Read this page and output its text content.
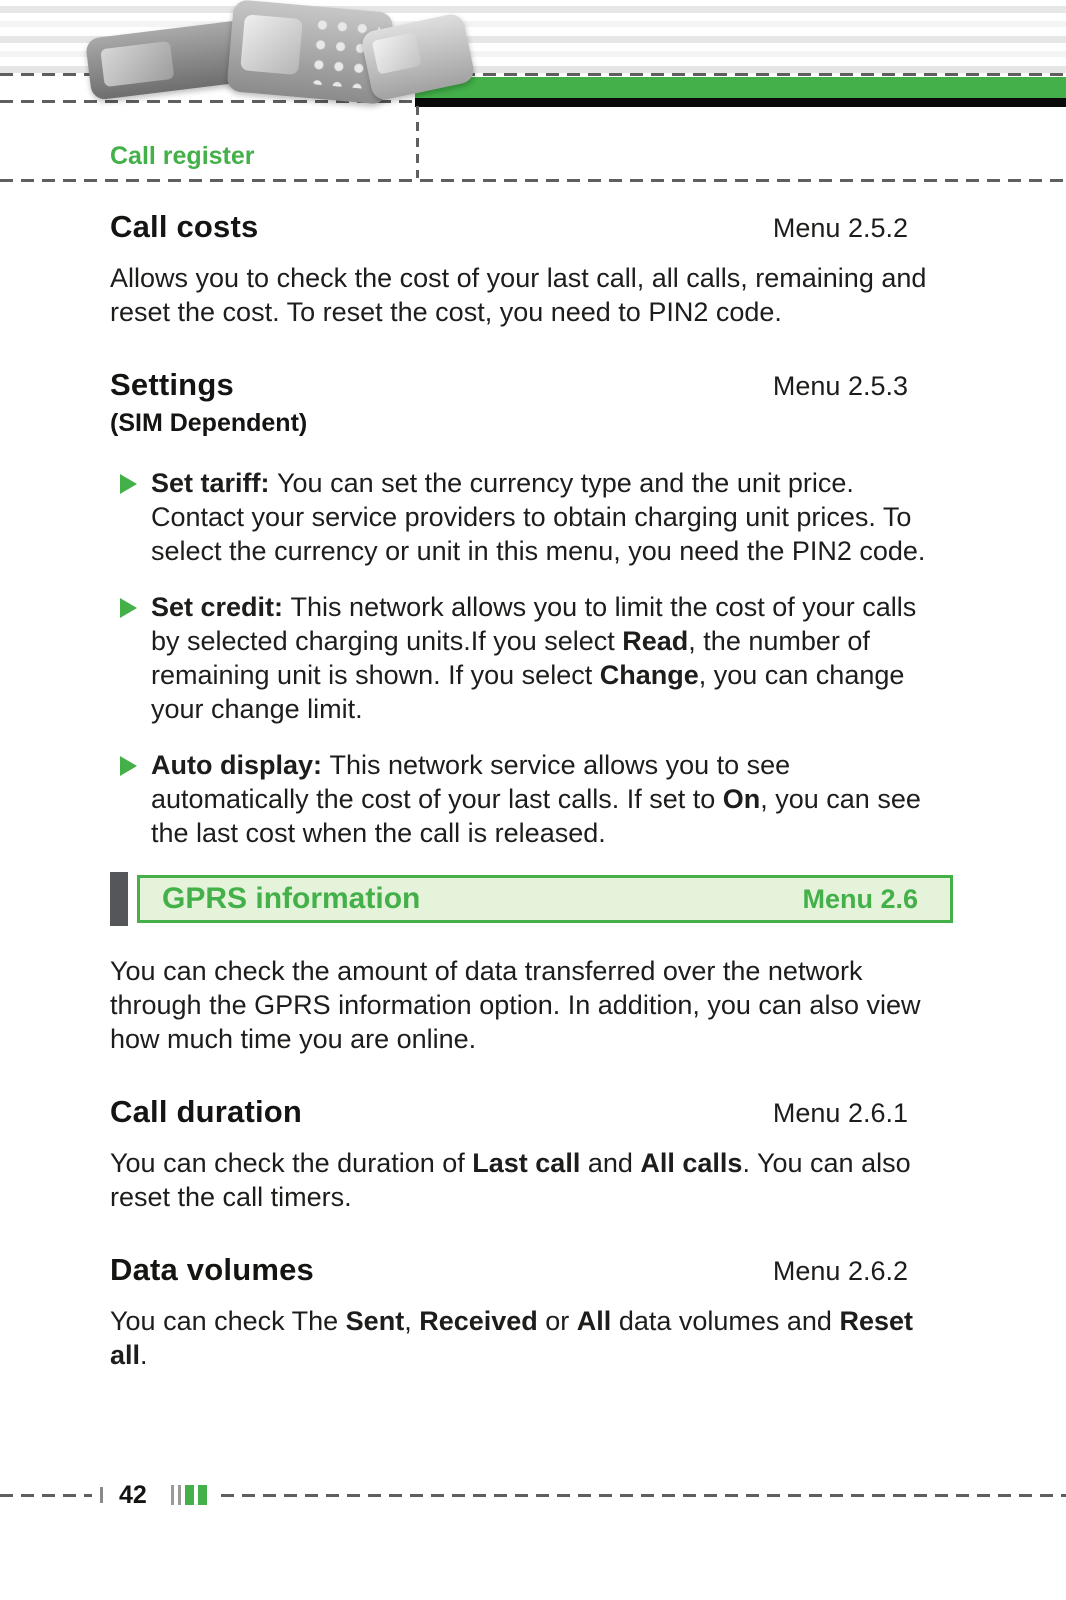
Call register
Call costs	Menu 2.5.2

Allows you to check the cost of your last call, all calls, remaining and reset the cost. To reset the cost, you need to PIN2 code.

Settings	Menu 2.5.3
(SIM Dependent)

Set tariff: You can set the currency type and the unit price. Contact your service providers to obtain charging unit prices. To select the currency or unit in this menu, you need the PIN2 code.

Set credit: This network allows you to limit the cost of your calls by selected charging units.If you select Read, the number of remaining unit is shown. If you select Change, you can change your change limit.

Auto display: This network service allows you to see automatically the cost of your last calls. If set to On, you can see the last cost when the call is released.

GPRS information	Menu 2.6

You can check the amount of data transferred over the network through the GPRS information option. In addition, you can also view how much time you are online.

Call duration	Menu 2.6.1

You can check the duration of Last call and All calls. You can also reset the call timers.

Data volumes	Menu 2.6.2

You can check The Sent, Received or All data volumes and Reset all.

42
